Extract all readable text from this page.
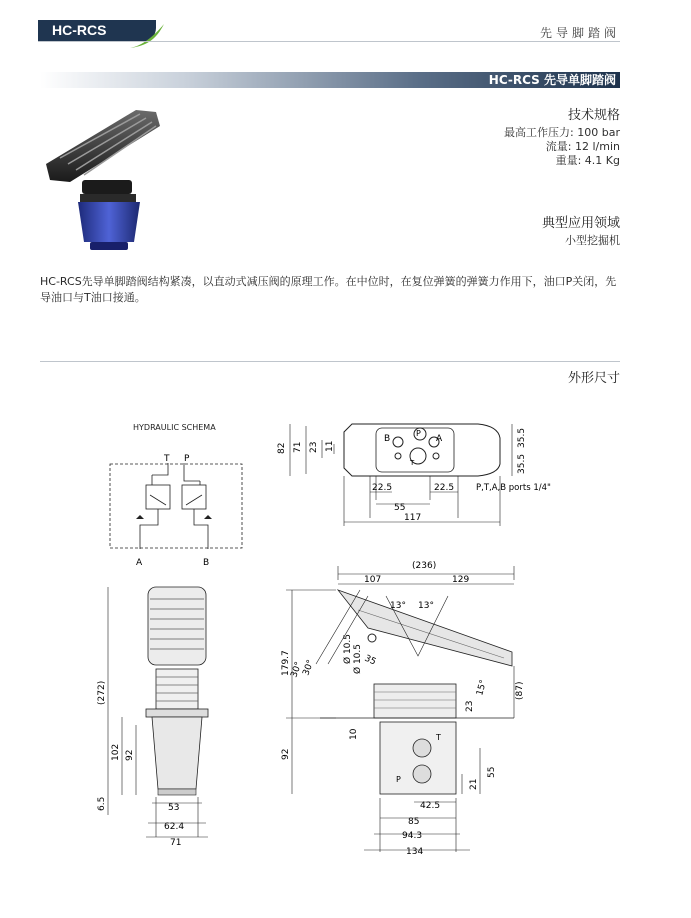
HC-RCS	先导脚踏阀
HC-RCS 先导单脚踏阀
技术规格
最高工作压力: 100 bar
流量: 12 l/min
重量: 4.1 Kg
典型应用领域
小型挖掘机
HC-RCS先导单脚踏阀结构紧凑，以直动式减压阀的原理工作。在中位时，在复位弹簧的弹簧力作用下，油口P关闭，先导油口与T油口接通。
外形尺寸
HYDRAULIC SCHEMA
T P
A	B
B
P
A
T
82 71 23 11	35.5
35.5
22.5	22.5
55
117
P,T,A,B ports 1/4"
(272)
102 92
6.5	53
62.4
71
(236)
107	129
13° 13°
30°
30°
179.7	Ø 10.5 Ø 10.5 35
15°
23
(87)
T
P
10
92
55
21
42.5
85
94.3
134
